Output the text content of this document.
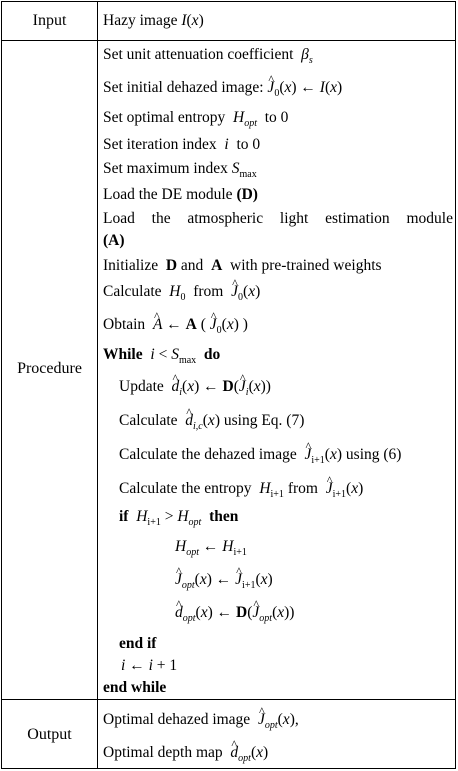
Input
Procedure
Output
Hazy image I(x)
Set unit attenuation coefficient $\beta_s$
Set initial dehazed image: ^ $J_0(x)$ ← I(x)
Set optimal entropy $H_{opt}$ to 0
Set iteration index i to 0
Set maximum index $S_{max}$
Load the DE module (D)
Load the atmospheric light estimation module
(A)
Initialize D and A with pre-trained weights
Calculate $H_0$ from ^ $J_0(x)$
Obtain ^ A ← A ( ^ $J_0(x)$ )
While $i < S_{max}$ do
Update ^ $d_i(x)$ ← D(^ $J_i(x)$)
Calculate ^ $d_{i,c}(x)$ using Eq. (7)
Calculate the dehazed image ^ $J_{i+1}(x)$ using (6)
Calculate the entropy $H_{i+1}$ from ^ $J_{i+1}(x)$
if $H_{i+1} > H_{opt}$ then
$H_{opt}$ ← $H_{i+1}$
^ $J_{opt}(x)$ ← ^ $J_{i+1}(x)$
^ $d_{opt}(x)$ ← D(^ $J_{opt}(x)$)
end if
i ← i + 1
end while
Optimal dehazed image ^ $J_{opt}(x)$,
Optimal depth map ^ $d_{opt}(x)$
